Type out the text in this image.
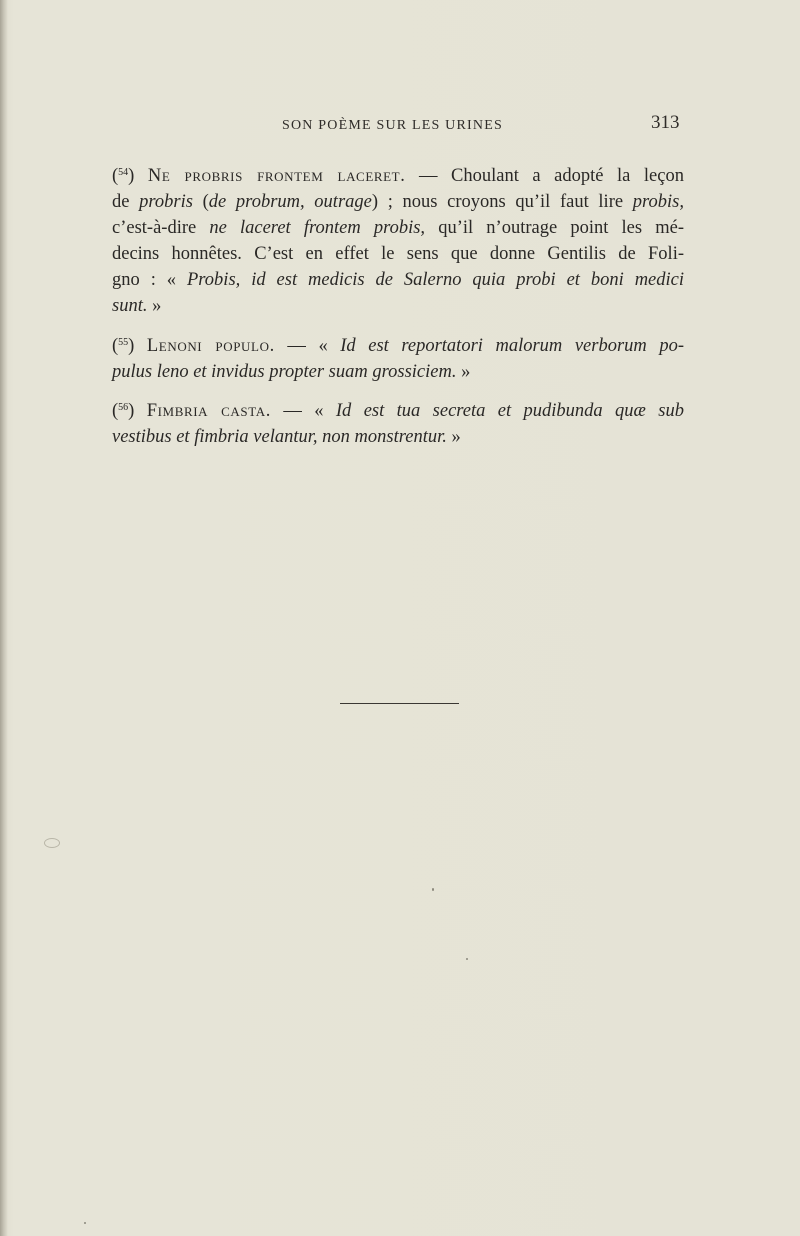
SON POÈME SUR LES URINES	313
($^{54}$) Ne probris frontem laceret. — Choulant a adopté la leçon
de probris (de probrum, outrage) ; nous croyons qu’il faut lire probis,
c’est-à-dire ne laceret frontem probis, qu’il n’outrage point les mé-
decins honnêtes. C’est en effet le sens que donne Gentilis de Foli-
gno : « Probis, id est medicis de Salerno quia probi et boni medici
sunt. »
($^{55}$) Lenoni populo. — « Id est reportatori malorum verborum po-
pulus leno et invidus propter suam grossiciem. »
($^{56}$) Fimbria casta. — « Id est tua secreta et pudibunda quæ sub
vestibus et fimbria velantur, non monstrentur. »
